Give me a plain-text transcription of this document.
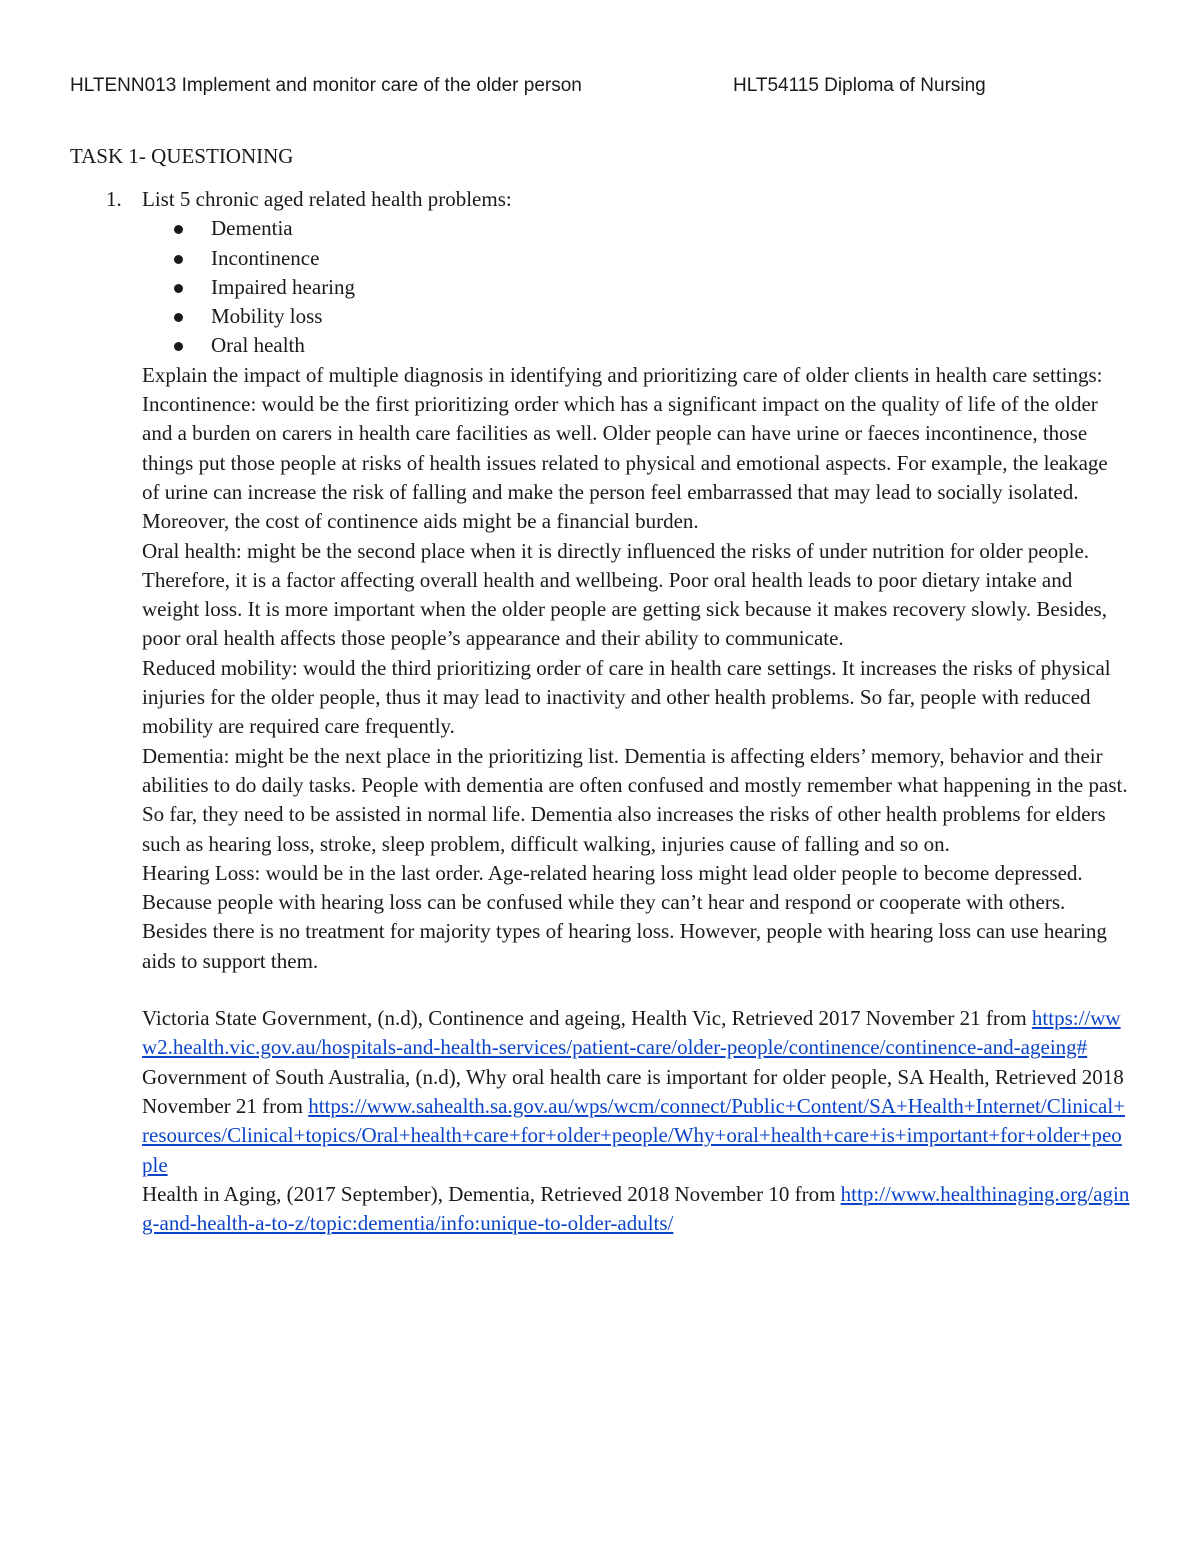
HLTENN013 Implement and monitor care of the older person	HLT54115 Diploma of Nursing
TASK 1- QUESTIONING
1. List 5 chronic aged related health problems:
Dementia
Incontinence
Impaired hearing
Mobility loss
Oral health

Explain the impact of multiple diagnosis in identifying and prioritizing care of older clients in health care settings:

Incontinence: would be the first prioritizing order which has a significant impact on the quality of life of the older and a burden on carers in health care facilities as well. Older people can have urine or faeces incontinence, those things put those people at risks of health issues related to physical and emotional aspects. For example, the leakage of urine can increase the risk of falling and make the person feel embarrassed that may lead to socially isolated. Moreover, the cost of continence aids might be a financial burden.

Oral health: might be the second place when it is directly influenced the risks of under nutrition for older people. Therefore, it is a factor affecting overall health and wellbeing. Poor oral health leads to poor dietary intake and weight loss. It is more important when the older people are getting sick because it makes recovery slowly. Besides, poor oral health affects those people’s appearance and their ability to communicate.

Reduced mobility: would the third prioritizing order of care in health care settings. It increases the risks of physical injuries for the older people, thus it may lead to inactivity and other health problems. So far, people with reduced mobility are required care frequently.

Dementia: might be the next place in the prioritizing list. Dementia is affecting elders’ memory, behavior and their abilities to do daily tasks. People with dementia are often confused and mostly remember what happening in the past. So far, they need to be assisted in normal life. Dementia also increases the risks of other health problems for elders such as hearing loss, stroke, sleep problem, difficult walking, injuries cause of falling and so on.

Hearing Loss: would be in the last order. Age-related hearing loss might lead older people to become depressed. Because people with hearing loss can be confused while they can’t hear and respond or cooperate with others. Besides there is no treatment for majority types of hearing loss. However, people with hearing loss can use hearing aids to support them.

Victoria State Government, (n.d), Continence and ageing, Health Vic, Retrieved 2017 November 21 from https://www2.health.vic.gov.au/hospitals-and-health-services/patient-care/older-people/continence/continence-and-ageing#

Government of South Australia, (n.d), Why oral health care is important for older people, SA Health, Retrieved 2018 November 21 from https://www.sahealth.sa.gov.au/wps/wcm/connect/Public+Content/SA+Health+Internet/Clinical+resources/Clinical+topics/Oral+health+care+for+older+people/Why+oral+health+care+is+important+for+older+people

Health in Aging, (2017 September), Dementia, Retrieved 2018 November 10 from http://www.healthinaging.org/aging-and-health-a-to-z/topic:dementia/info:unique-to-older-adults/
